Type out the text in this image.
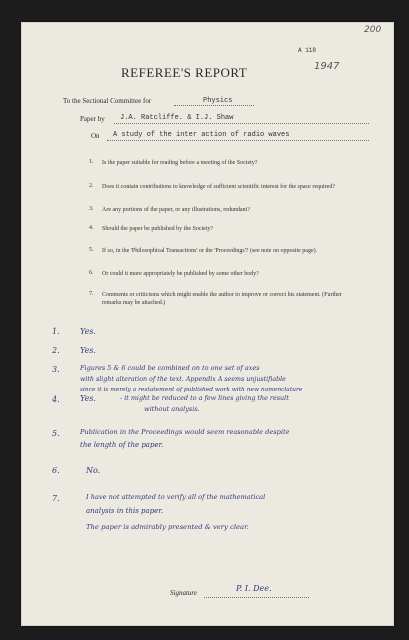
200
A 118
1947
REFEREE'S REPORT
To the Sectional Committee for	Physics
Paper by J.A. Ratcliffe. & I.J. Shaw
On A study of the inter action of radio waves
1. Is the paper suitable for reading before a meeting of the Society?
2. Does it contain contributions to knowledge of sufficient scientific interest for the space required?
3. Are any portions of the paper, or any illustrations, redundant?
4. Should the paper be published by the Society?
5. If so, in the 'Philosophical Transactions' or the 'Proceedings'? (see note on opposite page).
6. Or could it more appropriately be published by some other body?
7. Comments or criticisms which might enable the author to improve or correct his statement. (Further remarks may be attached.)
1.	Yes.
2.	Yes.
3.	Figures 5 & 6 could be combined on to one set of axes
with slight alteration of the text. Appendix A seems unjustifiable
since it is merely a restatement of published work with new nomenclature
4.	Yes.	- it might be reduced to a few lines giving the result
without analysis.
5.	Publication in the Proceedings would seem reasonable despite
the length of the paper.
6.	No.
7.	I have not attempted to verify all of the mathematical
analysis in this paper.
The paper is admirably presented & very clear.
Signature	P. I. Dee.
